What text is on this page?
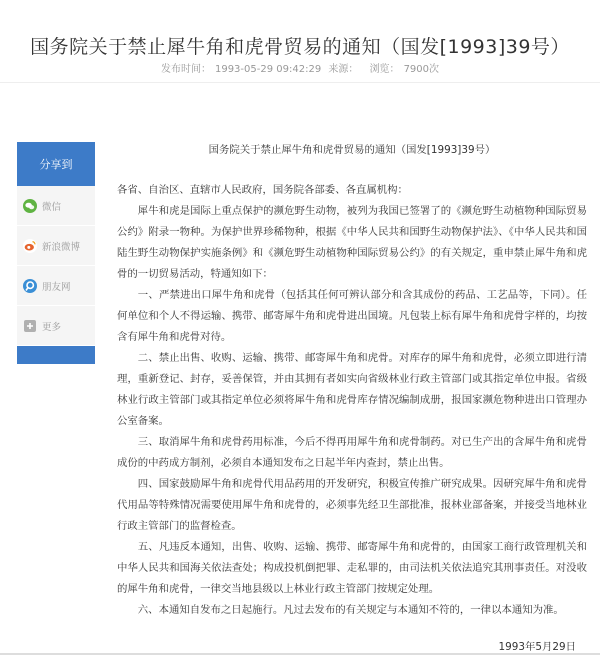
国务院关于禁止犀牛角和虎骨贸易的通知（国发[1993]39号）
发布时间： 1993-05-29 09:42:29 来源： 浏览： 7900次
分享到
微信
新浪微博
朋友网
更多
国务院关于禁止犀牛角和虎骨贸易的通知（国发[1993]39号）

各省、自治区、直辖市人民政府，国务院各部委、各直属机构：

犀牛和虎是国际上重点保护的濒危野生动物，被列为我国已签署了的《濒危野生动植物种国际贸易公约》附录一物种。为保护世界珍稀物种，根据《中华人民共和国野生动物保护法》、《中华人民共和国陆生野生动物保护实施条例》和《濒危野生动植物种国际贸易公约》的有关规定，重申禁止犀牛角和虎骨的一切贸易活动，特通知如下：

一、严禁进出口犀牛角和虎骨（包括其任何可辨认部分和含其成份的药品、工艺品等，下同）。任何单位和个人不得运输、携带、邮寄犀牛角和虎骨进出国境。凡包装上标有犀牛角和虎骨字样的，均按含有犀牛角和虎骨对待。

二、禁止出售、收购、运输、携带、邮寄犀牛角和虎骨。对库存的犀牛角和虎骨，必须立即进行清理，重新登记、封存，妥善保管，并由其拥有者如实向省级林业行政主管部门或其指定单位申报。省级林业行政主管部门或其指定单位必须将犀牛角和虎骨库存情况编制成册，报国家濒危物种进出口管理办公室备案。

三、取消犀牛角和虎骨药用标准，今后不得再用犀牛角和虎骨制药。对已生产出的含犀牛角和虎骨成份的中药成方制剂，必须自本通知发布之日起半年内查封，禁止出售。

四、国家鼓励犀牛角和虎骨代用品药用的开发研究，积极宣传推广研究成果。因研究犀牛角和虎骨代用品等特殊情况需要使用犀牛角和虎骨的，必须事先经卫生部批准，报林业部备案，并接受当地林业行政主管部门的监督检查。

五、凡违反本通知，出售、收购、运输、携带、邮寄犀牛角和虎骨的，由国家工商行政管理机关和中华人民共和国海关依法查处；构成投机倒把罪、走私罪的，由司法机关依法追究其刑事责任。对没收的犀牛角和虎骨，一律交当地县级以上林业行政主管部门按规定处理。

六、本通知自发布之日起施行。凡过去发布的有关规定与本通知不符的，一律以本通知为准。

1993年5月29日
